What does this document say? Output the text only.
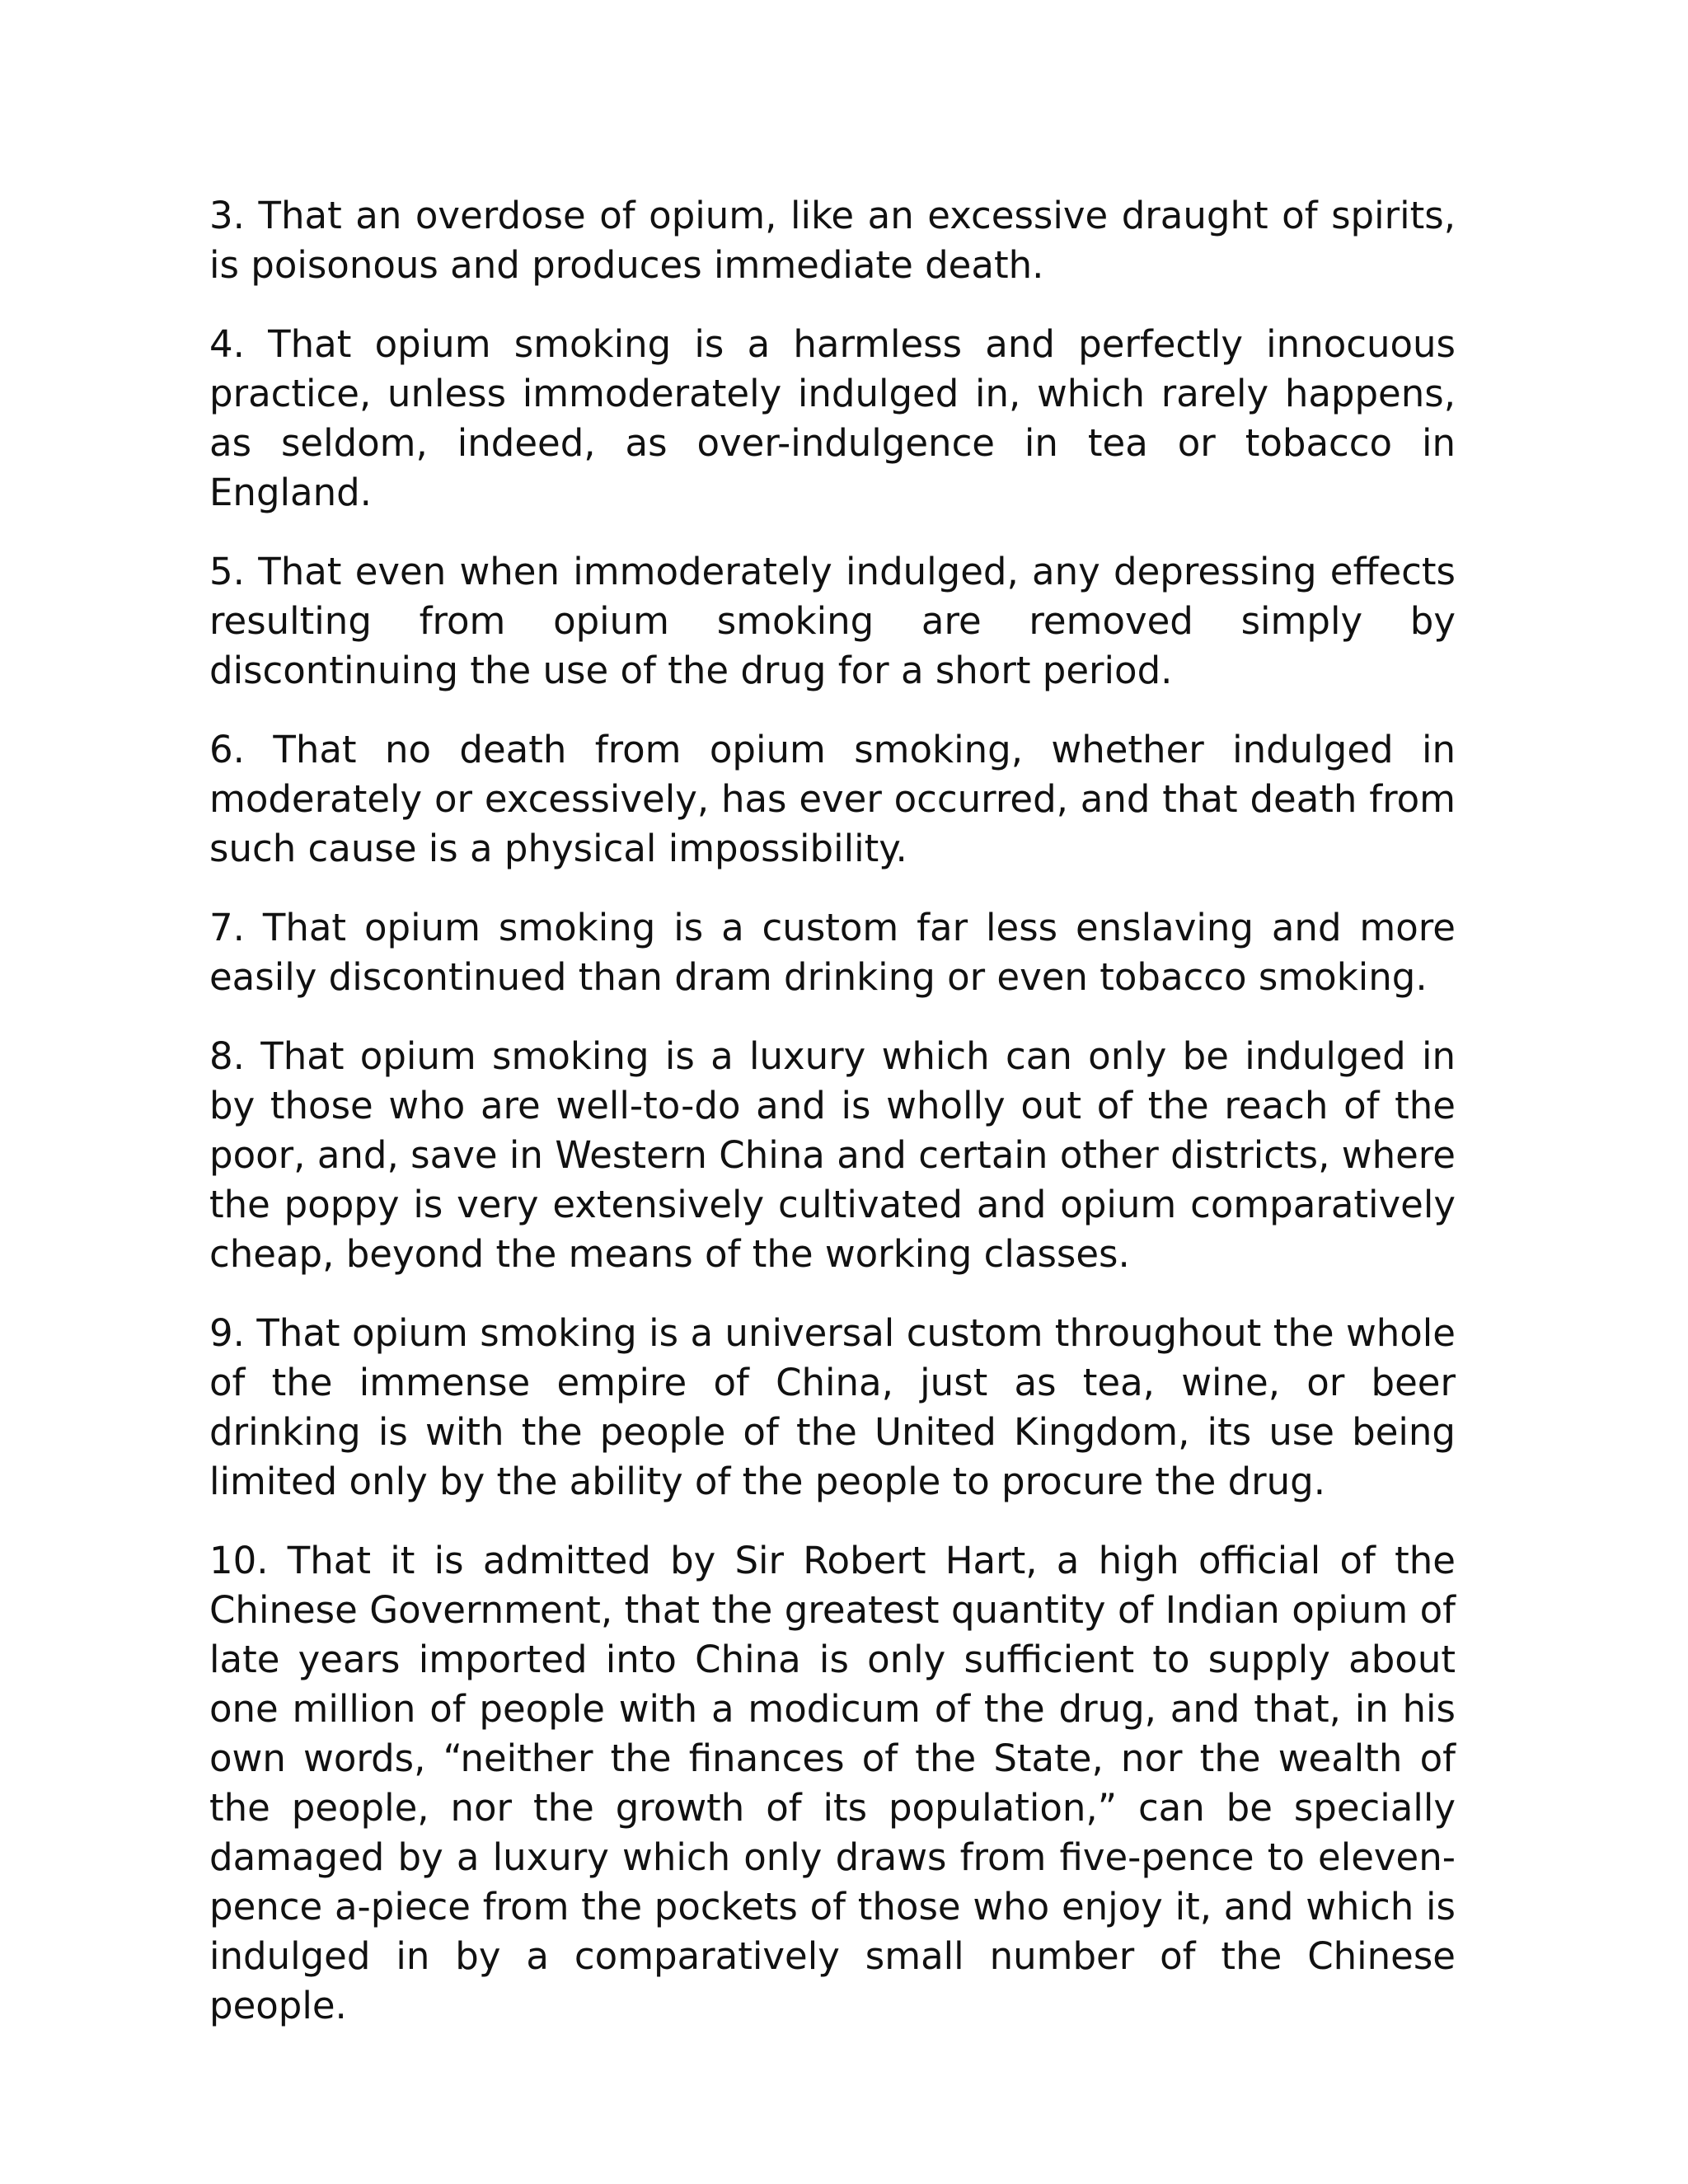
3. That an overdose of opium, like an excessive draught of spirits, is poisonous and produces immediate death.

4. That opium smoking is a harmless and perfectly innocuous practice, unless immoderately indulged in, which rarely happens, as seldom, indeed, as over-indulgence in tea or tobacco in England.

5. That even when immoderately indulged, any depressing effects resulting from opium smoking are removed simply by discontinuing the use of the drug for a short period.

6. That no death from opium smoking, whether indulged in moderately or excessively, has ever occurred, and that death from such cause is a physical impossibility.

7. That opium smoking is a custom far less enslaving and more easily discontinued than dram drinking or even tobacco smoking.

8. That opium smoking is a luxury which can only be indulged in by those who are well-to-do and is wholly out of the reach of the poor, and, save in Western China and certain other districts, where the poppy is very extensively cultivated and opium comparatively cheap, beyond the means of the working classes.

9. That opium smoking is a universal custom throughout the whole of the immense empire of China, just as tea, wine, or beer drinking is with the people of the United Kingdom, its use being limited only by the ability of the people to procure the drug.

10. That it is admitted by Sir Robert Hart, a high official of the Chinese Government, that the greatest quantity of Indian opium of late years imported into China is only sufficient to supply about one million of people with a modicum of the drug, and that, in his own words, “neither the finances of the State, nor the wealth of the people, nor the growth of its population,” can be specially damaged by a luxury which only draws from five-pence to eleven-pence a-piece from the pockets of those who enjoy it, and which is indulged in by a comparatively small number of the Chinese people.
